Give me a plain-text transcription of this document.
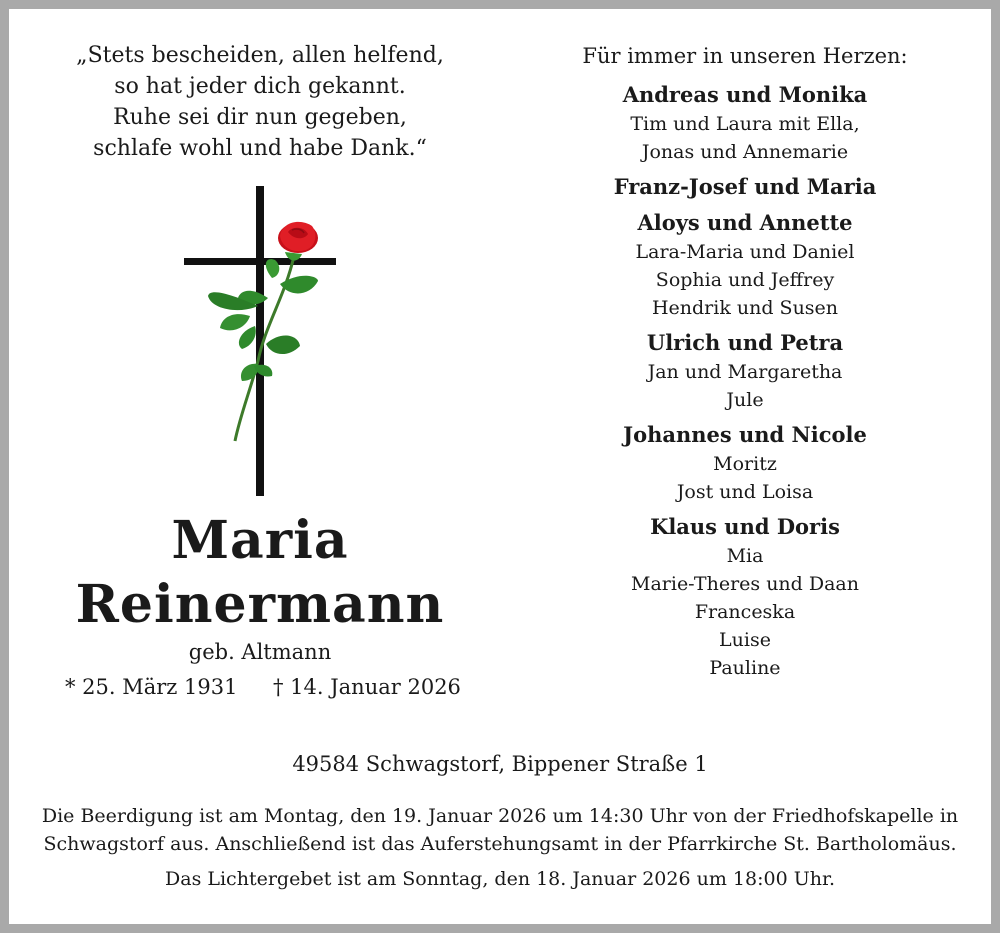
„Stets bescheiden, allen helfend,
so hat jeder dich gekannt.
Ruhe sei dir nun gegeben,
schlafe wohl und habe Dank.“
Maria
Reinermann
geb. Altmann
* 25. März 1931 † 14. Januar 2026
Für immer in unseren Herzen:
Andreas und Monika
Tim und Laura mit Ella,
Jonas und Annemarie
Franz-Josef und Maria
Aloys und Annette
Lara-Maria und Daniel
Sophia und Jeffrey
Hendrik und Susen
Ulrich und Petra
Jan und Margaretha
Jule
Johannes und Nicole
Moritz
Jost und Loisa
Klaus und Doris
Mia
Marie-Theres und Daan
Franceska
Luise
Pauline
49584 Schwagstorf, Bippener Straße 1
Die Beerdigung ist am Montag, den 19. Januar 2026 um 14:30 Uhr von der Friedhofskapelle in
Schwagstorf aus. Anschließend ist das Auferstehungsamt in der Pfarrkirche St. Bartholomäus.
Das Lichtergebet ist am Sonntag, den 18. Januar 2026 um 18:00 Uhr.
